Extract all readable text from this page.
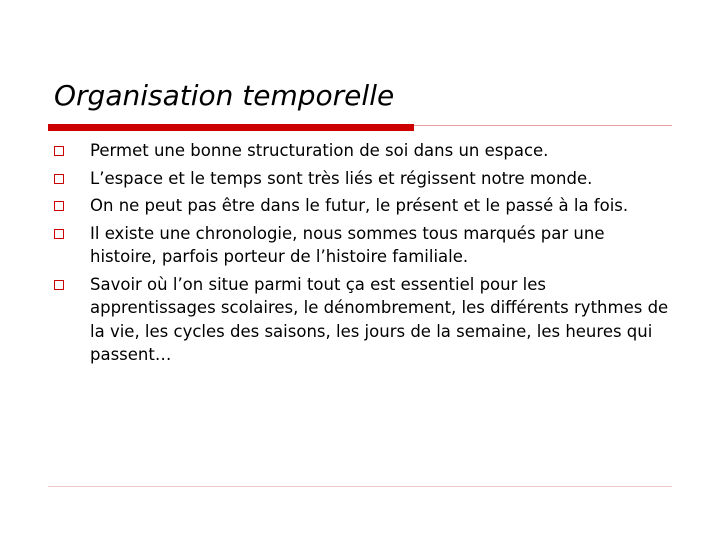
Organisation temporelle
Permet une bonne structuration de soi dans un espace.
L’espace et le temps sont très liés et régissent notre monde.
On ne peut pas être dans le futur, le présent et le passé à la fois.
Il existe une chronologie, nous sommes tous marqués par une histoire, parfois porteur de l’histoire familiale.
Savoir où l’on situe parmi tout ça est essentiel pour les apprentissages scolaires, le dénombrement, les différents rythmes de la vie, les cycles des saisons, les jours de la semaine, les heures qui passent…
